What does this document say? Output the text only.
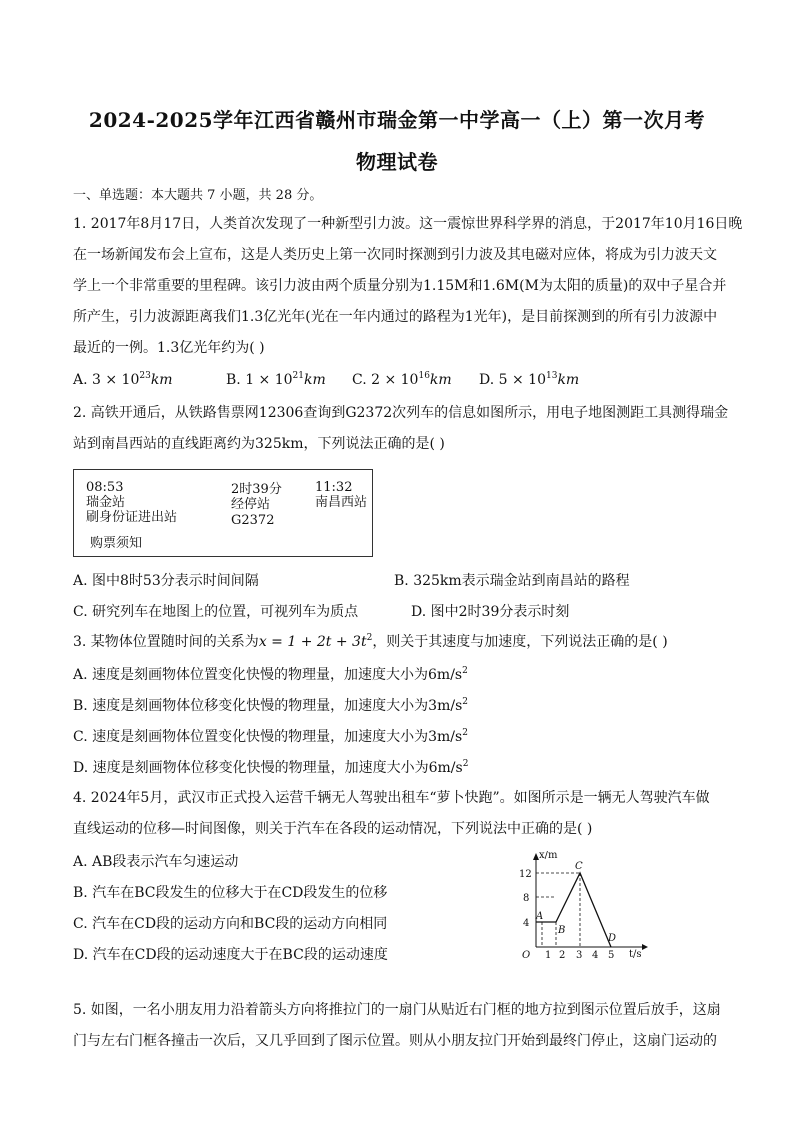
2024-2025学年江西省赣州市瑞金第一中学高一（上）第一次月考
物理试卷
一、单选题：本大题共 7 小题，共 28 分。
1. 2017年8月17日，人类首次发现了一种新型引力波。这一震惊世界科学界的消息，于2017年10月16日晚
在一场新闻发布会上宣布，这是人类历史上第一次同时探测到引力波及其电磁对应体，将成为引力波天文
学上一个非常重要的里程碑。该引力波由两个质量分别为1.15M和1.6M(M为太阳的质量)的双中子星合并
所产生，引力波源距离我们1.3亿光年(光在一年内通过的路程为1光年)，是目前探测到的所有引力波源中
最近的一例。1.3亿光年约为( )
A. $3 \times 10^{23}km$	B. $1 \times 10^{21}km$ C. $2 \times 10^{16}km$ D. $5 \times 10^{13}km$
2. 高铁开通后，从铁路售票网12306查询到G2372次列车的信息如图所示，用电子地图测距工具测得瑞金
站到南昌西站的直线距离约为325km，下列说法正确的是( )
08:53
瑞金站
刷身份证进出站
2时39分
经停站
G2372
11:32
南昌西站
购票须知
A. 图中8时53分表示时间间隔	B. 325km表示瑞金站到南昌站的路程
C. 研究列车在地图上的位置，可视列车为质点	D. 图中2时39分表示时刻
3. 某物体位置随时间的关系为$x = 1 + 2t + 3t^2$，则关于其速度与加速度，下列说法正确的是( )
A. 速度是刻画物体位置变化快慢的物理量，加速度大小为$6m/s^2$
B. 速度是刻画物体位移变化快慢的物理量，加速度大小为$3m/s^2$
C. 速度是刻画物体位置变化快慢的物理量，加速度大小为$3m/s^2$
D. 速度是刻画物体位移变化快慢的物理量，加速度大小为$6m/s^2$
4. 2024年5月，武汉市正式投入运营千辆无人驾驶出租车“萝卜快跑”。如图所示是一辆无人驾驶汽车做
直线运动的位移—时间图像，则关于汽车在各段的运动情况，下列说法中正确的是( )
A. AB段表示汽车匀速运动
B. 汽车在BC段发生的位移大于在CD段发生的位移
C. 汽车在CD段的运动方向和BC段的运动方向相同
D. 汽车在CD段的运动速度大于在BC段的运动速度
x/m
t/s
O
4
8
12
1 2 3 4 5
A
B
C
D
5. 如图，一名小朋友用力沿着箭头方向将推拉门的一扇门从贴近右门框的地方拉到图示位置后放手，这扇
门与左右门框各撞击一次后，又几乎回到了图示位置。则从小朋友拉门开始到最终门停止，这扇门运动的
